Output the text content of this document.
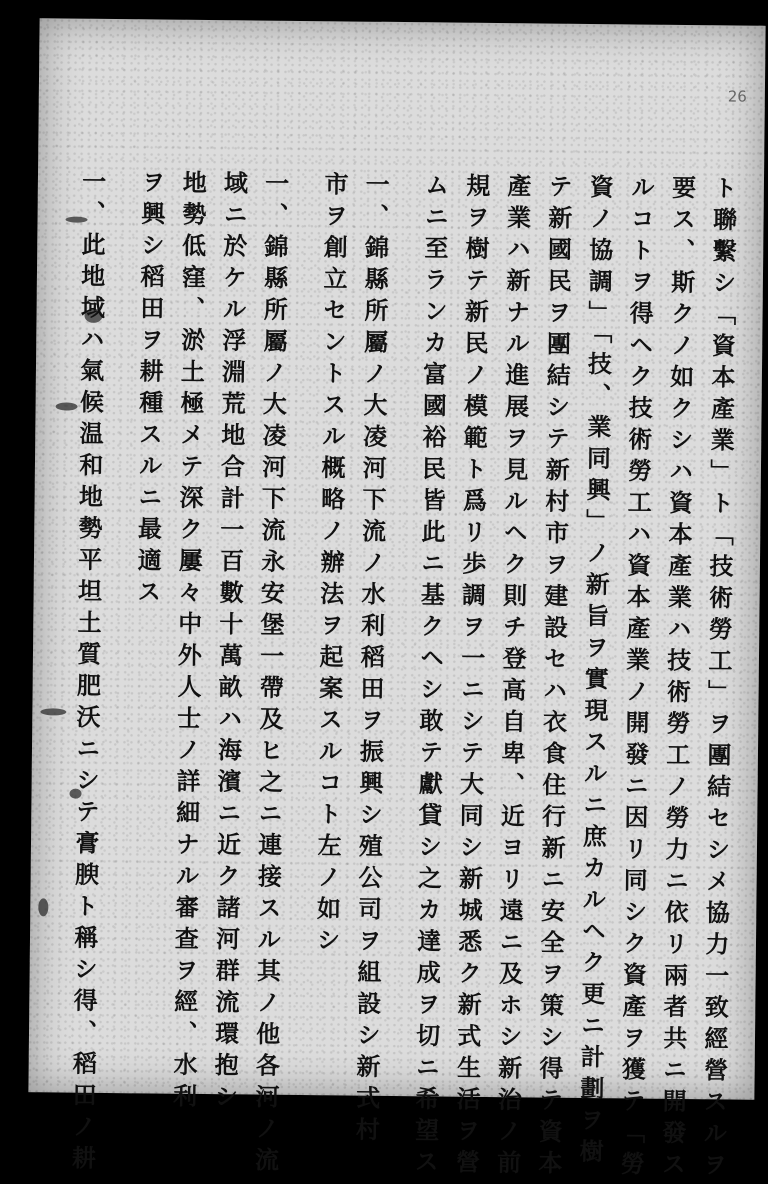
26
ト聯繫シ「資本產業」ト「技術勞工」ヲ團結セシメ協力一致經營スルヲ
要ス、斯クノ如クシハ資本產業ハ技術勞工ノ勞力ニ依リ兩者共ニ開發ス
ルコトヲ得ヘク技術勞工ハ資本產業ノ開發ニ因リ同シク資產ヲ獲テ「勞
資ノ協調」「技、業同興」ノ新旨ヲ實現スルニ庶カルヘク更ニ計劃ヲ樹
テ新國民ヲ團結シテ新村市ヲ建設セハ衣食住行新ニ安全ヲ策シ得テ資本
產業ハ新ナル進展ヲ見ルヘク則チ登高自卑、近ヨリ遠ニ及ホシ新治ノ前
規ヲ樹テ新民ノ模範ト爲リ歩調ヲ一ニシテ大同シ新城悉ク新式生活ヲ營
ムニ至ランカ富國裕民皆此ニ基クヘシ敢テ獻貸シ之カ達成ヲ切ニ希望ス
一、錦縣所屬ノ大凌河下流ノ水利稻田ヲ振興シ殖公司ヲ組設シ新式村
市ヲ創立セントスル概略ノ辦法ヲ起案スルコト左ノ如シ
一、錦縣所屬ノ大凌河下流永安堡一帶及ヒ之ニ連接スル其ノ他各河ノ流
域ニ於ケル浮淵荒地合計一百數十萬畝ハ海濱ニ近ク諸河群流環抱シ
地勢低窪、淤土極メテ深ク屢々中外人士ノ詳細ナル審查ヲ經、水利
ヲ興シ稻田ヲ耕種スルニ最適ス
一、此地域ハ氣候温和地勢平坦土質肥沃ニシテ膏腴ト稱シ得、稻田ノ耕
